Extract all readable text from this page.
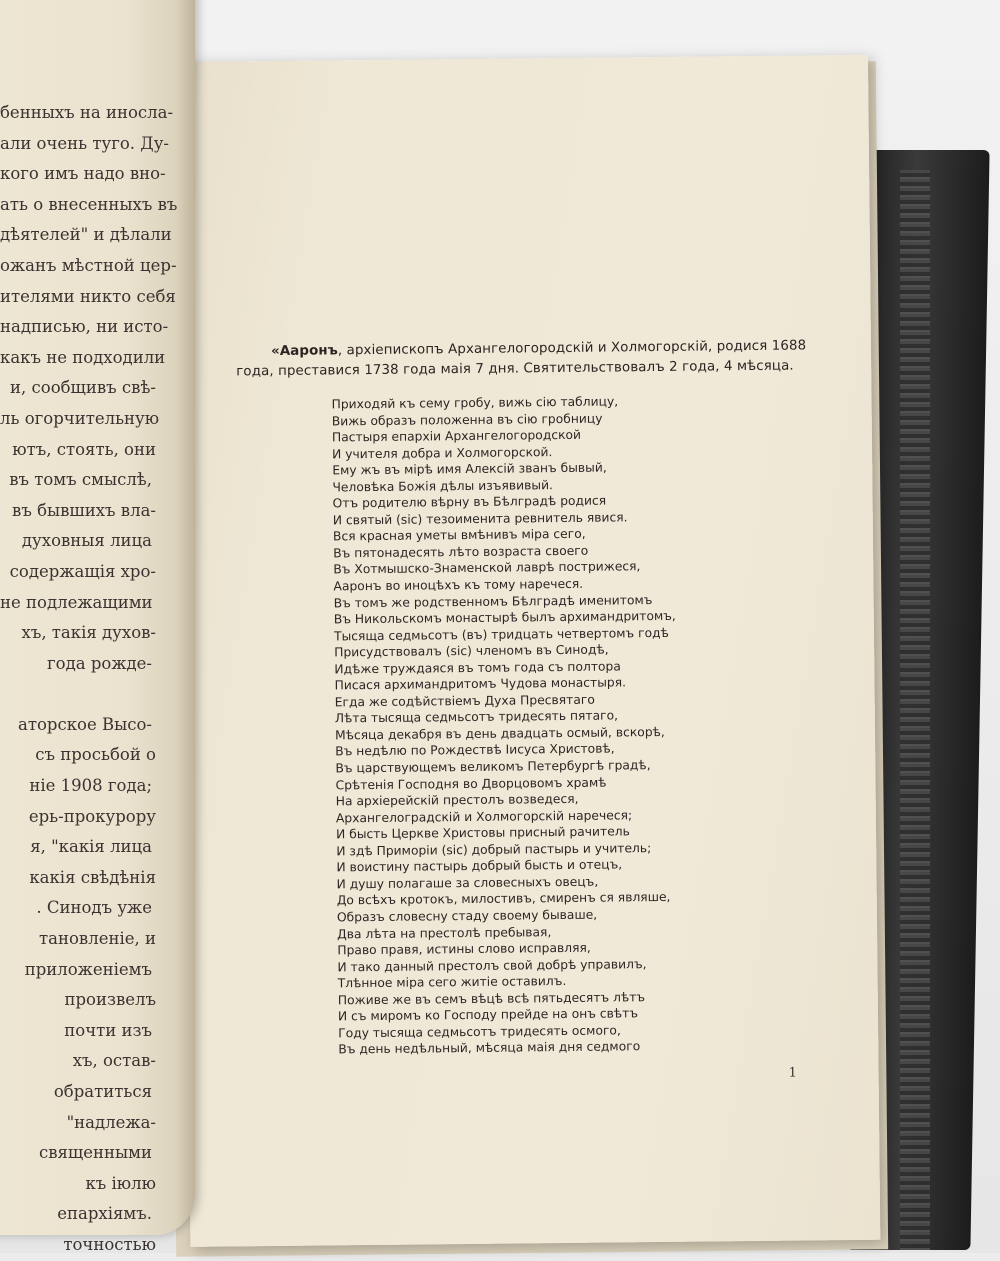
«Ааронъ, архіепископъ Архангелогородскій и Холмогорскій, родися 1688
года, преставися 1738 года маія 7 дня. Святительствовалъ 2 года, 4 мѣсяца.
Приходяй къ сему гробу, вижь сію таблицу,
Вижь образъ положенна въ сію гробницу
Пастыря епархіи Архангелогородской
И учителя добра и Холмогорской.
Ему жъ въ мірѣ имя Алексій званъ бывый,
Человѣка Божія дѣлы изъявивый.
Отъ родителю вѣрну въ Бѣлградѣ родися
И святый (sic) тезоименита ревнитель явися.
Вся красная уметы вмѣнивъ міра сего,
Въ пятонадесять лѣто возраста своего
Въ Хотмышско-Знаменской лаврѣ пострижеся,
Ааронъ во иноцѣхъ къ тому наречеся.
Въ томъ же родственномъ Бѣлградѣ именитомъ
Въ Никольскомъ монастырѣ былъ архимандритомъ,
Тысяща седмьсотъ (въ) тридцать четвертомъ годѣ
Присудствовалъ (sic) членомъ въ Синодѣ,
Идѣже труждаяся въ томъ года съ полтора
Писася архимандритомъ Чудова монастыря.
Егда же содѣйствіемъ Духа Пресвятаго
Лѣта тысяща седмьсотъ тридесять пятаго,
Мѣсяца декабря въ день двадцать осмый, вскорѣ,
Въ недѣлю по Рождествѣ Іисуса Христовѣ,
Въ царствующемъ великомъ Петербургѣ градѣ,
Срѣтенія Господня во Дворцовомъ храмѣ
На архіерейскій престолъ возведеся,
Архангелоградскій и Холмогорскій наречеся;
И бысть Церкве Христовы присный рачитель
И здѣ Приморіи (sic) добрый пастырь и учитель;
И воистину пастырь добрый бысть и отецъ,
И душу полагаше за словесныхъ овецъ,
До всѣхъ кротокъ, милостивъ, смиренъ ся являше,
Образъ словесну стаду своему бываше,
Два лѣта на престолѣ пребывая,
Право правя, истины слово исправляя,
И тако данный престолъ свой добрѣ управилъ,
Тлѣнное міра сего житіе оставилъ.
Поживе же въ семъ вѣцѣ всѣ пятьдесятъ лѣтъ
И съ миромъ ко Господу прейде на онъ свѣтъ
Году тысяща седмьсотъ тридесять осмого,
Въ день недѣльный, мѣсяца маія дня седмого
1
бенныхъ на иносла-
али очень туго. Ду-
кого имъ надо вно-
ать о внесенныхъ въ
дѣятелей" и дѣлали
ожанъ мѣстной цер-
ителями никто себя
надписью, ни исто-
какъ не подходили
и, сообщивъ свѣ-
ль огорчительную
ютъ, стоять, они
въ томъ смыслѣ,
въ бывшихъ вла-
духовныя лица
содержащія хро-
не подлежащими
хъ, такія духов-
года рожде-

аторское Высо-
съ просьбой о
ніе 1908 года;
ерь-прокурору
я, "какія лица
какія свѣдѣнія
. Синодъ уже
тановленіе, и
приложеніемъ
произвелъ
почти изъ
хъ, остав-
обратиться
"надлежа-
священными
къ іюлю
епархіямъ.
точностью
